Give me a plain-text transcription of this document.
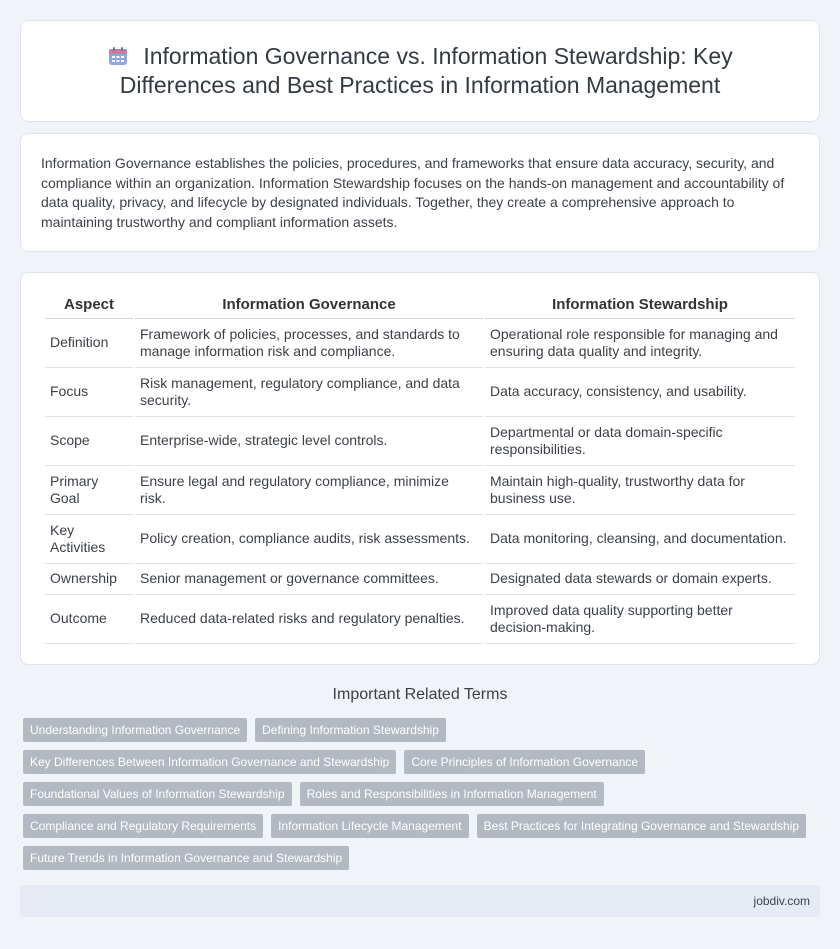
Information Governance vs. Information Stewardship: Key Differences and Best Practices in Information Management

Information Governance establishes the policies, procedures, and frameworks that ensure data accuracy, security, and compliance within an organization. Information Stewardship focuses on the hands-on management and accountability of data quality, privacy, and lifecycle by designated individuals. Together, they create a comprehensive approach to maintaining trustworthy and compliant information assets.

Aspect	Information Governance	Information Stewardship
Definition	Framework of policies, processes, and standards to manage information risk and compliance.	Operational role responsible for managing and ensuring data quality and integrity.
Focus	Risk management, regulatory compliance, and data security.	Data accuracy, consistency, and usability.
Scope	Enterprise-wide, strategic level controls.	Departmental or data domain-specific responsibilities.
Primary Goal	Ensure legal and regulatory compliance, minimize risk.	Maintain high-quality, trustworthy data for business use.
Key Activities	Policy creation, compliance audits, risk assessments.	Data monitoring, cleansing, and documentation.
Ownership	Senior management or governance committees.	Designated data stewards or domain experts.
Outcome	Reduced data-related risks and regulatory penalties.	Improved data quality supporting better decision-making.
Important Related Terms
Understanding Information Governance	Defining Information Stewardship
Key Differences Between Information Governance and Stewardship	Core Principles of Information Governance
Foundational Values of Information Stewardship	Roles and Responsibilities in Information Management
Compliance and Regulatory Requirements	Information Lifecycle Management	Best Practices for Integrating Governance and Stewardship
Future Trends in Information Governance and Stewardship
jobdiv.com
